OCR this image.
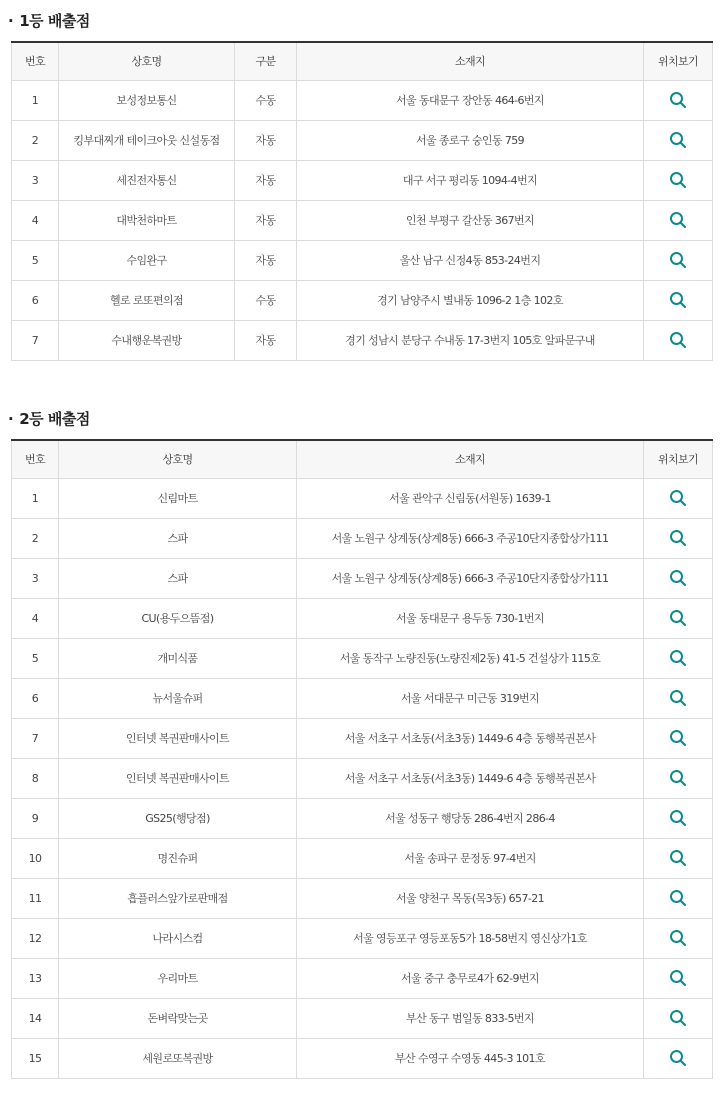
· 1등 배출점
번호	상호명	구분	소재지	위치보기
1	보성정보통신	수동	서울 동대문구 장안동 464-6번지	
2	킹부대찌개 테이크아웃 신설동점	자동	서울 종로구 숭인동 759	
3	세진전자통신	자동	대구 서구 평리동 1094-4번지	
4	대박천하마트	자동	인천 부평구 갈산동 367번지	
5	수임완구	자동	울산 남구 신정4동 853-24번지	
6	헬로 로또편의점	수동	경기 남양주시 별내동 1096-2 1층 102호	
7	수내행운복권방	자동	경기 성남시 분당구 수내동 17-3번지 105호 알파문구내	
· 2등 배출점
번호	상호명	소재지	위치보기
1	신림마트	서울 관악구 신림동(서원동) 1639-1	
2	스파	서울 노원구 상계동(상계8동) 666-3 주공10단지종합상가111	
3	스파	서울 노원구 상계동(상계8동) 666-3 주공10단지종합상가111	
4	CU(용두으뜸점)	서울 동대문구 용두동 730-1번지	
5	개미식품	서울 동작구 노량진동(노량진제2동) 41-5 건설상가 115호	
6	뉴서울슈퍼	서울 서대문구 미근동 319번지	
7	인터넷 복권판매사이트	서울 서초구 서초동(서초3동) 1449-6 4층 동행복권본사	
8	인터넷 복권판매사이트	서울 서초구 서초동(서초3동) 1449-6 4층 동행복권본사	
9	GS25(행당점)	서울 성동구 행당동 286-4번지 286-4	
10	명진슈퍼	서울 송파구 문정동 97-4번지	
11	흡플러스앞가로판매점	서울 양천구 목동(목3동) 657-21	
12	나라시스컴	서울 영등포구 영등포동5가 18-58번지 영신상가1호	
13	우리마트	서울 중구 충무로4가 62-9번지	
14	돈벼락맞는곳	부산 동구 범일동 833-5번지	
15	세원로또복권방	부산 수영구 수영동 445-3 101호	
